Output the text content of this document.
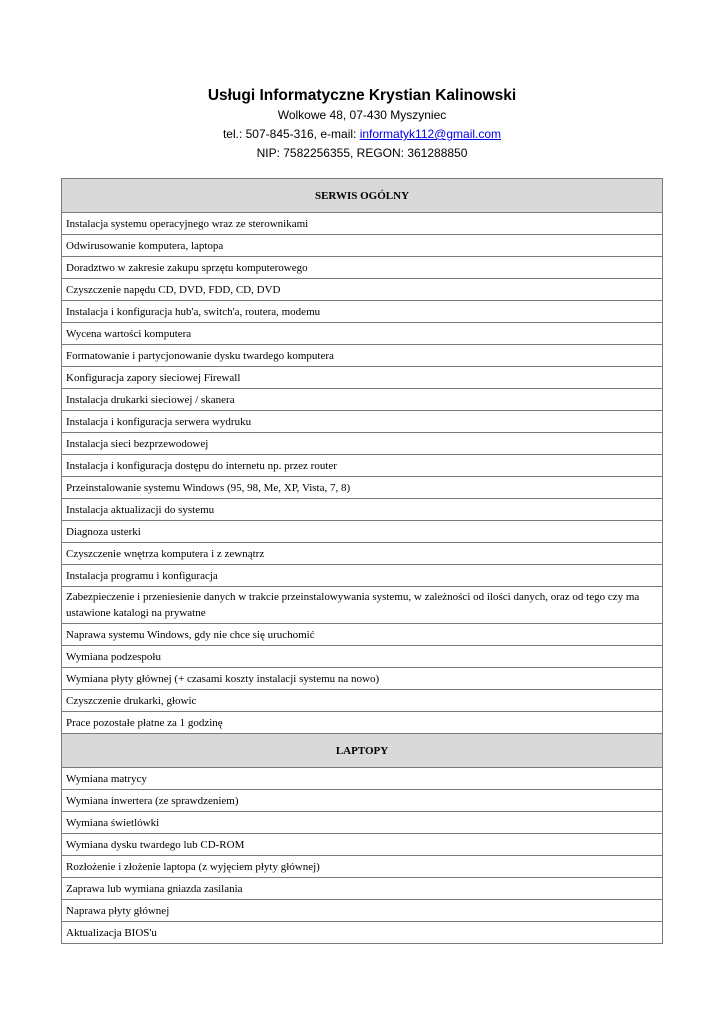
Usługi Informatyczne Krystian Kalinowski

Wolkowe 48, 07-430 Myszyniec

tel.: 507-845-316, e-mail: informatyk112@gmail.com

NIP: 7582256355, REGON: 361288850

SERWIS OGÓLNY
Instalacja systemu operacyjnego wraz ze sterownikami
Odwirusowanie komputera, laptopa
Doradztwo w zakresie zakupu sprzętu komputerowego
Czyszczenie napędu CD, DVD, FDD, CD, DVD
Instalacja i konfiguracja hub'a, switch'a, routera, modemu
Wycena wartości komputera
Formatowanie i partycjonowanie dysku twardego komputera
Konfiguracja zapory sieciowej Firewall
Instalacja drukarki sieciowej / skanera
Instalacja i konfiguracja serwera wydruku
Instalacja sieci bezprzewodowej
Instalacja i konfiguracja dostępu do internetu np. przez router
Przeinstalowanie systemu Windows (95, 98, Me, XP, Vista, 7, 8)
Instalacja aktualizacji do systemu
Diagnoza usterki
Czyszczenie wnętrza komputera i z zewnątrz
Instalacja programu i konfiguracja
Zabezpieczenie i przeniesienie danych w trakcie przeinstalowywania systemu, w zależności od ilości danych, oraz od tego czy ma ustawione katalogi na prywatne
Naprawa systemu Windows, gdy nie chce się uruchomić
Wymiana podzespołu
Wymiana płyty głównej (+ czasami koszty instalacji systemu na nowo)
Czyszczenie drukarki, głowic
Prace pozostałe płatne za 1 godzinę
LAPTOPY
Wymiana matrycy
Wymiana inwertera (ze sprawdzeniem)
Wymiana świetlówki
Wymiana dysku twardego lub CD-ROM
Rozłożenie i złożenie laptopa (z wyjęciem płyty głównej)
Zaprawa lub wymiana gniazda zasilania
Naprawa płyty głównej
Aktualizacja BIOS'u
